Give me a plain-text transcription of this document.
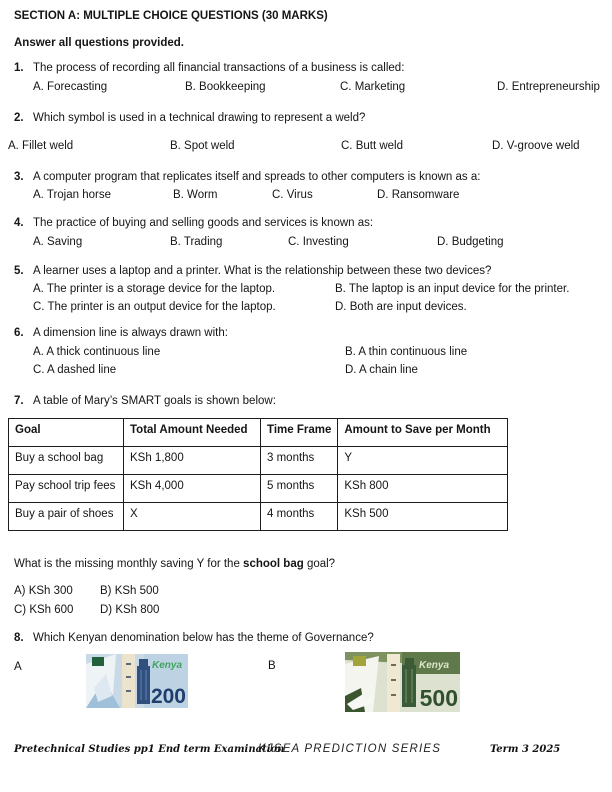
SECTION A: MULTIPLE CHOICE QUESTIONS (30 MARKS)
Answer all questions provided.
1. The process of recording all financial transactions of a business is called:
A. Forecasting	B. Bookkeeping	C. Marketing	D. Entrepreneurship
2. Which symbol is used in a technical drawing to represent a weld?
A. Fillet weld	B. Spot weld	C. Butt weld	D. V-groove weld
3. A computer program that replicates itself and spreads to other computers is known as a:
A. Trojan horse	B. Worm	C. Virus	D. Ransomware
4. The practice of buying and selling goods and services is known as:
A. Saving	B. Trading	C. Investing	D. Budgeting
5. A learner uses a laptop and a printer. What is the relationship between these two devices?
A. The printer is a storage device for the laptop.	B. The laptop is an input device for the printer.
C. The printer is an output device for the laptop.	D. Both are input devices.
6. A dimension line is always drawn with:
A. A thick continuous line	B. A thin continuous line
C. A dashed line	D. A chain line
7. A table of Mary’s SMART goals is shown below:
Goal	Total Amount Needed	Time Frame	Amount to Save per Month
Buy a school bag	KSh 1,800	3 months	Y
Pay school trip fees	KSh 4,000	5 months	KSh 800
Buy a pair of shoes	X	4 months	KSh 500
What is the missing monthly saving Y for the school bag goal?
A) KSh 300 B) KSh 500
C) KSh 600 D) KSh 800
8. Which Kenyan denomination below has the theme of Governance?
A	Kenya
200
B	Kenya
500
Pretechnical Studies pp1 End term Examination
KJSEA PREDICTION SERIES	Term 3 2025
